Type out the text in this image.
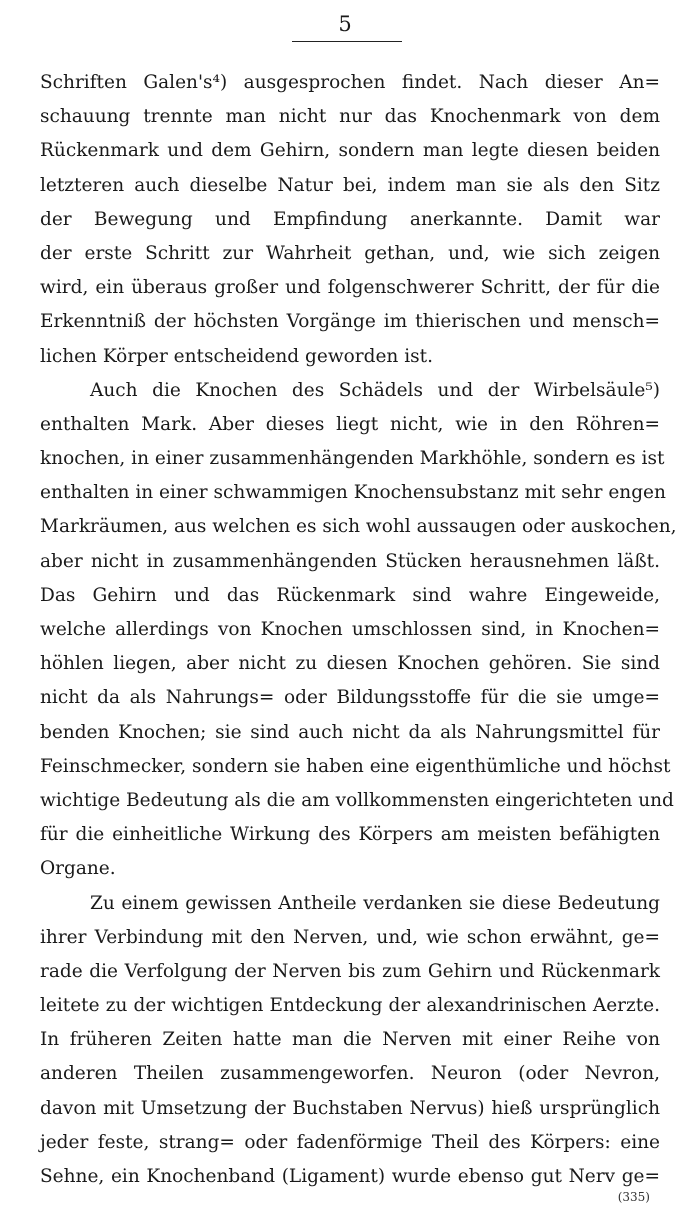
5
Schriften Galen's⁴) ausgesprochen findet. Nach dieser An=
schauung trennte man nicht nur das Knochenmark von dem
Rückenmark und dem Gehirn, sondern man legte diesen beiden
letzteren auch dieselbe Natur bei, indem man sie als den Sitz
der Bewegung und Empfindung anerkannte. Damit war
der erste Schritt zur Wahrheit gethan, und, wie sich zeigen
wird, ein überaus großer und folgenschwerer Schritt, der für die
Erkenntniß der höchsten Vorgänge im thierischen und mensch=
lichen Körper entscheidend geworden ist.
Auch die Knochen des Schädels und der Wirbelsäule⁵)
enthalten Mark. Aber dieses liegt nicht, wie in den Röhren=
knochen, in einer zusammenhängenden Markhöhle, sondern es ist
enthalten in einer schwammigen Knochensubstanz mit sehr engen
Markräumen, aus welchen es sich wohl aussaugen oder auskochen,
aber nicht in zusammenhängenden Stücken herausnehmen läßt.
Das Gehirn und das Rückenmark sind wahre Eingeweide,
welche allerdings von Knochen umschlossen sind, in Knochen=
höhlen liegen, aber nicht zu diesen Knochen gehören. Sie sind
nicht da als Nahrungs= oder Bildungsstoffe für die sie umge=
benden Knochen; sie sind auch nicht da als Nahrungsmittel für
Feinschmecker, sondern sie haben eine eigenthümliche und höchst
wichtige Bedeutung als die am vollkommensten eingerichteten und
für die einheitliche Wirkung des Körpers am meisten befähigten
Organe.
Zu einem gewissen Antheile verdanken sie diese Bedeutung
ihrer Verbindung mit den Nerven, und, wie schon erwähnt, ge=
rade die Verfolgung der Nerven bis zum Gehirn und Rückenmark
leitete zu der wichtigen Entdeckung der alexandrinischen Aerzte.
In früheren Zeiten hatte man die Nerven mit einer Reihe von
anderen Theilen zusammengeworfen. Neuron (oder Nevron,
davon mit Umsetzung der Buchstaben Nervus) hieß ursprünglich
jeder feste, strang= oder fadenförmige Theil des Körpers: eine
Sehne, ein Knochenband (Ligament) wurde ebenso gut Nerv ge=
(335)
